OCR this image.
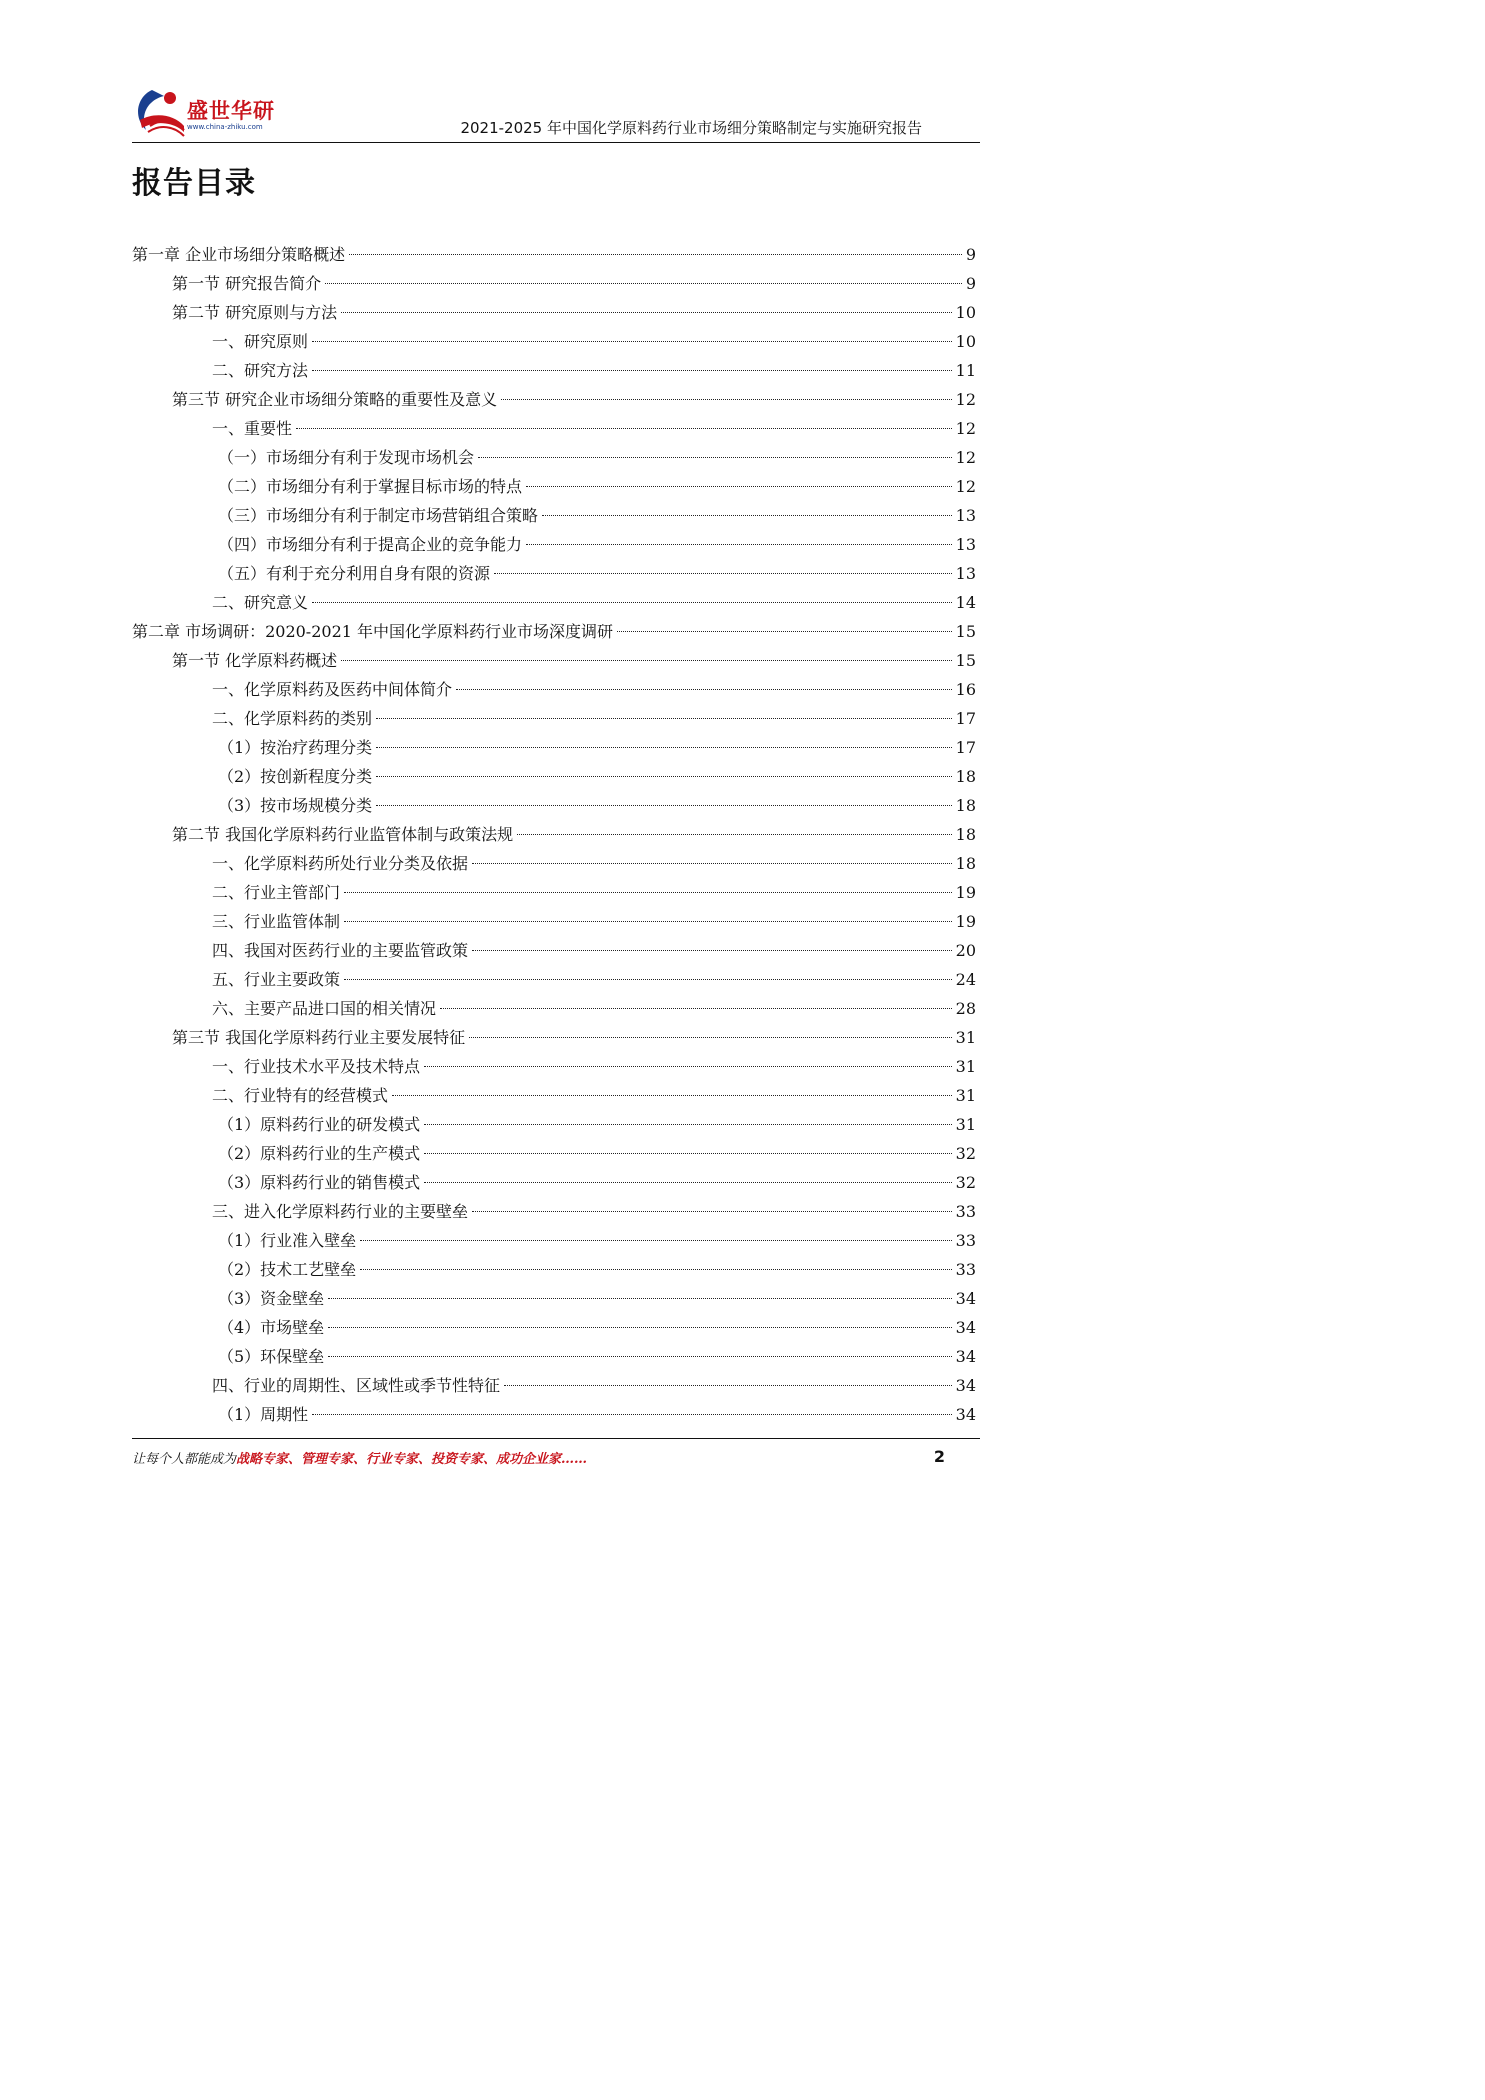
盛世华研
www.china-zhiku.com	2021-2025 年中国化学原料药行业市场细分策略制定与实施研究报告
报告目录
第一章 企业市场细分策略概述	9
第一节 研究报告简介	9
第二节 研究原则与方法	10
一、研究原则	10
二、研究方法	11
第三节 研究企业市场细分策略的重要性及意义	12
一、重要性	12
（一）市场细分有利于发现市场机会	12
（二）市场细分有利于掌握目标市场的特点	12
（三）市场细分有利于制定市场营销组合策略	13
（四）市场细分有利于提高企业的竞争能力	13
（五）有利于充分利用自身有限的资源	13
二、研究意义	14
第二章 市场调研：2020-2021 年中国化学原料药行业市场深度调研	15
第一节 化学原料药概述	15
一、化学原料药及医药中间体简介	16
二、化学原料药的类别	17
（1）按治疗药理分类	17
（2）按创新程度分类	18
（3）按市场规模分类	18
第二节 我国化学原料药行业监管体制与政策法规	18
一、化学原料药所处行业分类及依据	18
二、行业主管部门	19
三、行业监管体制	19
四、我国对医药行业的主要监管政策	20
五、行业主要政策	24
六、主要产品进口国的相关情况	28
第三节 我国化学原料药行业主要发展特征	31
一、行业技术水平及技术特点	31
二、行业特有的经营模式	31
（1）原料药行业的研发模式	31
（2）原料药行业的生产模式	32
（3）原料药行业的销售模式	32
三、进入化学原料药行业的主要壁垒	33
（1）行业准入壁垒	33
（2）技术工艺壁垒	33
（3）资金壁垒	34
（4）市场壁垒	34
（5）环保壁垒	34
四、行业的周期性、区域性或季节性特征	34
（1）周期性	34
让每个人都能成为战略专家、管理专家、行业专家、投资专家、成功企业家……	2
